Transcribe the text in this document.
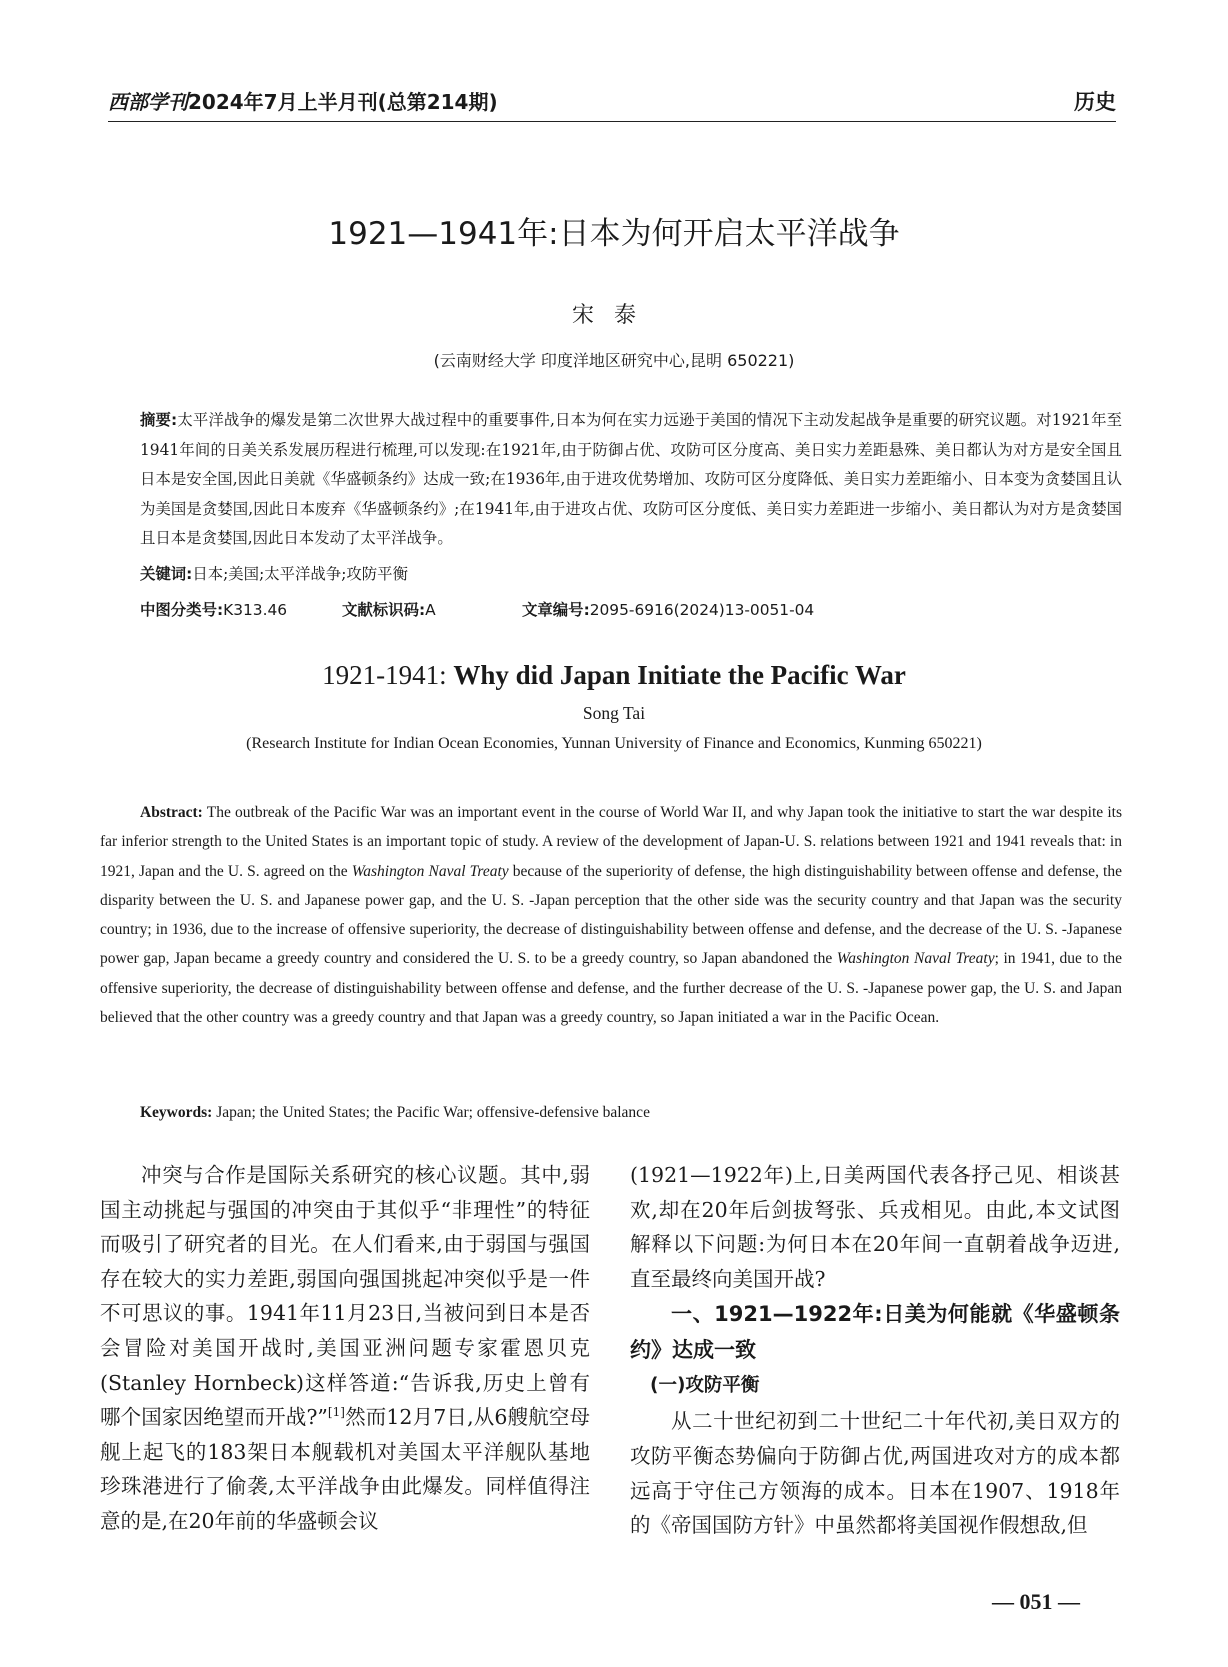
西部学刊2024年7月上半月刊(总第214期)	历史
1921—1941年:日本为何开启太平洋战争
宋泰
(云南财经大学 印度洋地区研究中心,昆明 650221)
摘要:太平洋战争的爆发是第二次世界大战过程中的重要事件,日本为何在实力远逊于美国的情况下主动发起战争是重要的研究议题。对1921年至1941年间的日美关系发展历程进行梳理,可以发现:在1921年,由于防御占优、攻防可区分度高、美日实力差距悬殊、美日都认为对方是安全国且日本是安全国,因此日美就《华盛顿条约》达成一致;在1936年,由于进攻优势增加、攻防可区分度降低、美日实力差距缩小、日本变为贪婪国且认为美国是贪婪国,因此日本废弃《华盛顿条约》;在1941年,由于进攻占优、攻防可区分度低、美日实力差距进一步缩小、美日都认为对方是贪婪国且日本是贪婪国,因此日本发动了太平洋战争。
关键词:日本;美国;太平洋战争;攻防平衡
中图分类号:K313.46	文献标识码:A	文章编号:2095-6916(2024)13-0051-04
1921-1941: Why did Japan Initiate the Pacific War
Song Tai
(Research Institute for Indian Ocean Economies, Yunnan University of Finance and Economics, Kunming 650221)
Abstract: The outbreak of the Pacific War was an important event in the course of World War II, and why Japan took the initiative to start the war despite its far inferior strength to the United States is an important topic of study. A review of the development of Japan-U. S. relations between 1921 and 1941 reveals that: in 1921, Japan and the U. S. agreed on the Washington Naval Treaty because of the superiority of defense, the high distinguishability between offense and defense, the disparity between the U. S. and Japanese power gap, and the U. S. -Japan perception that the other side was the security country and that Japan was the security country; in 1936, due to the increase of offensive superiority, the decrease of distinguishability between offense and defense, and the decrease of the U. S. -Japanese power gap, Japan became a greedy country and considered the U. S. to be a greedy country, so Japan abandoned the Washington Naval Treaty; in 1941, due to the offensive superiority, the decrease of distinguishability between offense and defense, and the further decrease of the U. S. -Japanese power gap, the U. S. and Japan believed that the other country was a greedy country and that Japan was a greedy country, so Japan initiated a war in the Pacific Ocean.
Keywords: Japan; the United States; the Pacific War; offensive-defensive balance

冲突与合作是国际关系研究的核心议题。其中,弱国主动挑起与强国的冲突由于其似乎“非理性”的特征而吸引了研究者的目光。在人们看来,由于弱国与强国存在较大的实力差距,弱国向强国挑起冲突似乎是一件不可思议的事。1941年11月23日,当被问到日本是否会冒险对美国开战时,美国亚洲问题专家霍恩贝克(Stanley Hornbeck)这样答道:“告诉我,历史上曾有哪个国家因绝望而开战?”[1]然而12月7日,从6艘航空母舰上起飞的183架日本舰载机对美国太平洋舰队基地珍珠港进行了偷袭,太平洋战争由此爆发。同样值得注意的是,在20年前的华盛顿会议

(1921—1922年)上,日美两国代表各抒己见、相谈甚欢,却在20年后剑拔弩张、兵戎相见。由此,本文试图解释以下问题:为何日本在20年间一直朝着战争迈进,直至最终向美国开战?

一、1921—1922年:日美为何能就《华盛顿条约》达成一致

(一)攻防平衡

从二十世纪初到二十世纪二十年代初,美日双方的攻防平衡态势偏向于防御占优,两国进攻对方的成本都远高于守住己方领海的成本。日本在1907、1918年的《帝国国防方针》中虽然都将美国视作假想敌,但

— 051 —
